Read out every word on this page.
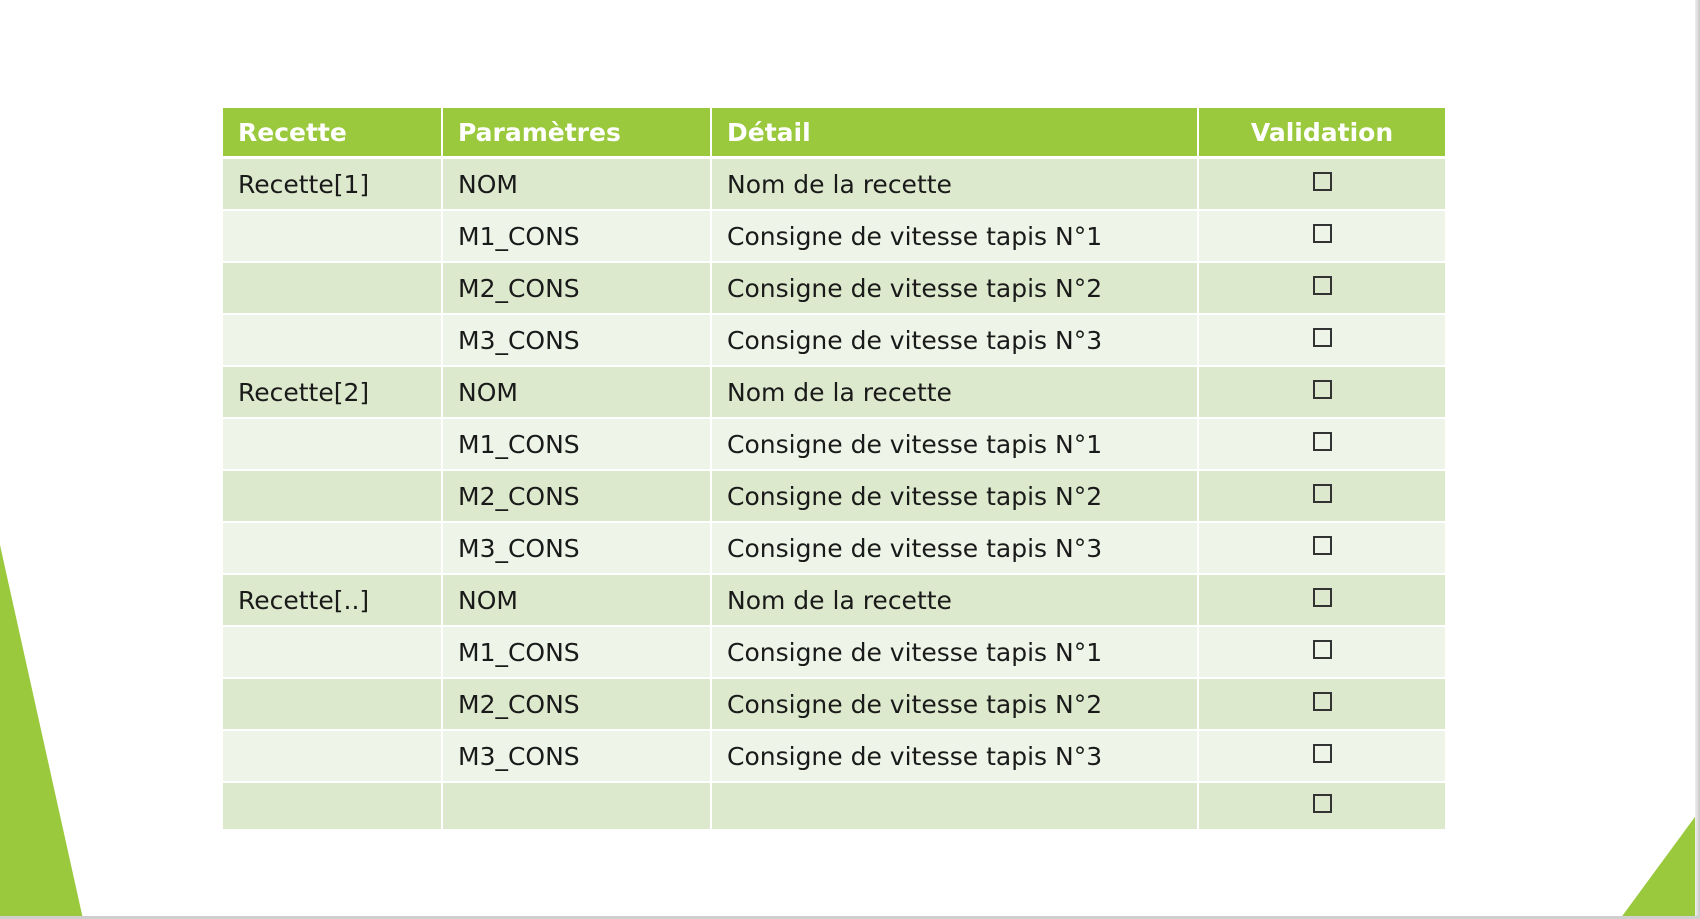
Recette	Paramètres	Détail	Validation
Recette[1]	NOM	Nom de la recette	
	M1_CONS	Consigne de vitesse tapis N°1	
	M2_CONS	Consigne de vitesse tapis N°2	
	M3_CONS	Consigne de vitesse tapis N°3	
Recette[2]	NOM	Nom de la recette	
	M1_CONS	Consigne de vitesse tapis N°1	
	M2_CONS	Consigne de vitesse tapis N°2	
	M3_CONS	Consigne de vitesse tapis N°3	
Recette[..]	NOM	Nom de la recette	
	M1_CONS	Consigne de vitesse tapis N°1	
	M2_CONS	Consigne de vitesse tapis N°2	
	M3_CONS	Consigne de vitesse tapis N°3	
